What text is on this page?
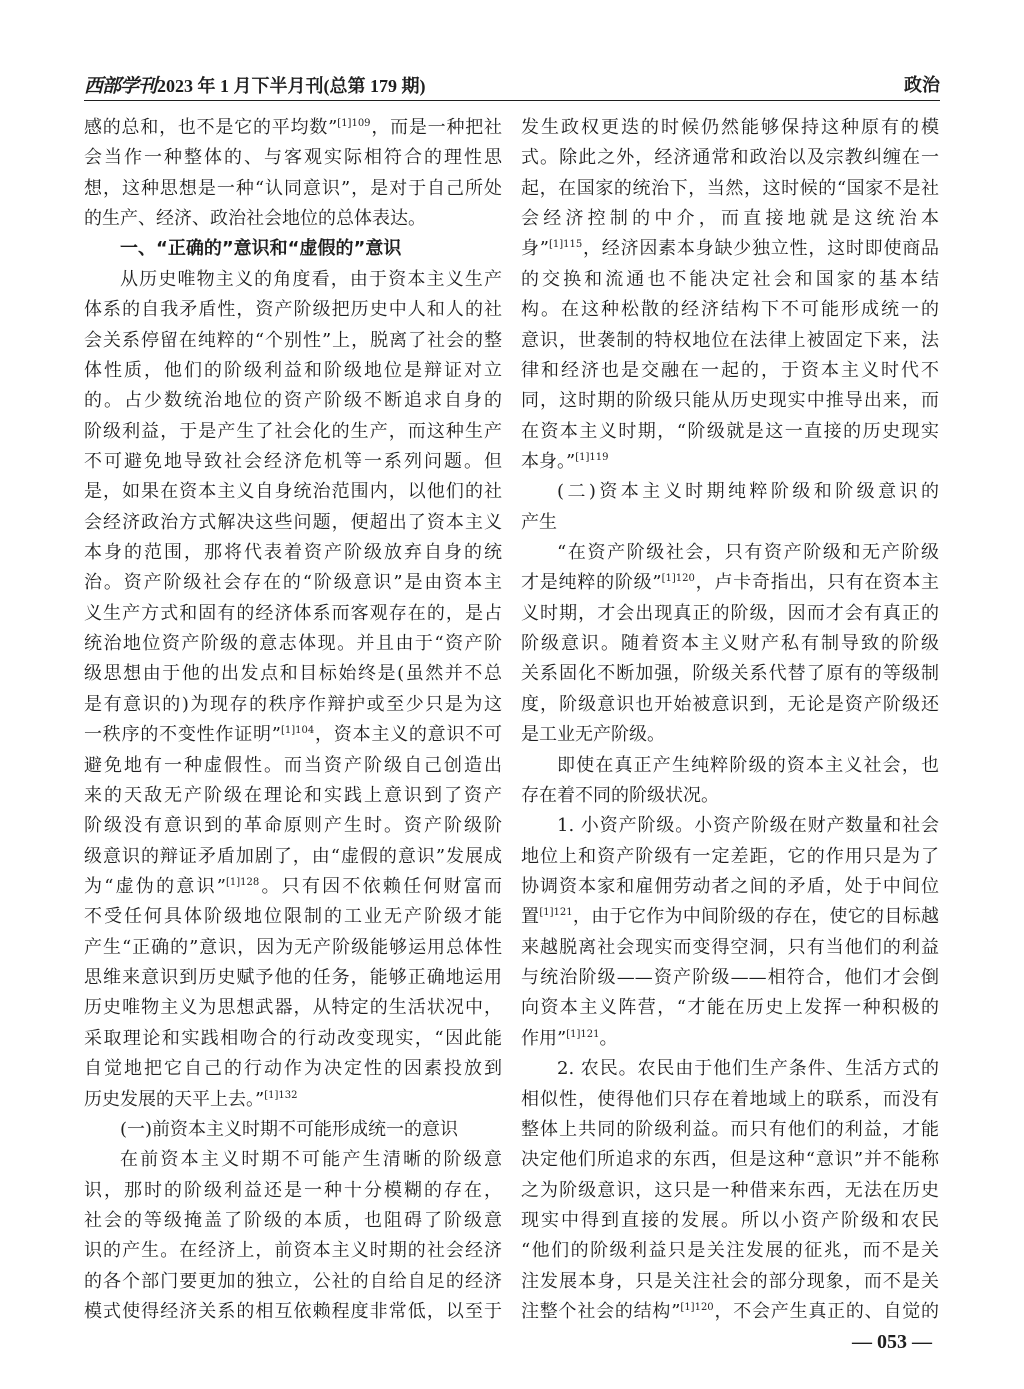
西部学刊 2023 年 1 月下半月刊(总第 179 期)	政治
感的总和，也不是它的平均数”$^{[1]109}$，而是一种把社
会当作一种整体的、与客观实际相符合的理性思
想，这种思想是一种“认同意识”，是对于自己所处
的生产、经济、政治社会地位的总体表达。
一、“正确的”意识和“虚假的”意识
从历史唯物主义的角度看，由于资本主义生产
体系的自我矛盾性，资产阶级把历史中人和人的社
会关系停留在纯粹的“个别性”上，脱离了社会的整
体性质，他们的阶级利益和阶级地位是辩证对立
的。占少数统治地位的资产阶级不断追求自身的
阶级利益，于是产生了社会化的生产，而这种生产
不可避免地导致社会经济危机等一系列问题。但
是，如果在资本主义自身统治范围内，以他们的社
会经济政治方式解决这些问题，便超出了资本主义
本身的范围，那将代表着资产阶级放弃自身的统
治。资产阶级社会存在的“阶级意识”是由资本主
义生产方式和固有的经济体系而客观存在的，是占
统治地位资产阶级的意志体现。并且由于“资产阶
级思想由于他的出发点和目标始终是(虽然并不总
是有意识的)为现存的秩序作辩护或至少只是为这
一秩序的不变性作证明”$^{[1]104}$，资本主义的意识不可
避免地有一种虚假性。而当资产阶级自己创造出
来的天敌无产阶级在理论和实践上意识到了资产
阶级没有意识到的革命原则产生时。资产阶级阶
级意识的辩证矛盾加剧了，由“虚假的意识”发展成
为“虚伪的意识”$^{[1]128}$。只有因不依赖任何财富而
不受任何具体阶级地位限制的工业无产阶级才能
产生“正确的”意识，因为无产阶级能够运用总体性
思维来意识到历史赋予他的任务，能够正确地运用
历史唯物主义为思想武器，从特定的生活状况中，
采取理论和实践相吻合的行动改变现实，“因此能
自觉地把它自己的行动作为决定性的因素投放到
历史发展的天平上去。”$^{[1]132}$
(一)前资本主义时期不可能形成统一的意识
在前资本主义时期不可能产生清晰的阶级意
识，那时的阶级利益还是一种十分模糊的存在，
社会的等级掩盖了阶级的本质，也阻碍了阶级意
识的产生。在经济上，前资本主义时期的社会经济
的各个部门要更加的独立，公社的自给自足的经济
模式使得经济关系的相互依赖程度非常低，以至于
发生政权更迭的时候仍然能够保持这种原有的模
式。除此之外，经济通常和政治以及宗教纠缠在一
起，在国家的统治下，当然，这时候的“国家不是社
会经济控制的中介，而直接地就是这统治本
身”$^{[1]115}$，经济因素本身缺少独立性，这时即使商品
的交换和流通也不能决定社会和国家的基本结
构。在这种松散的经济结构下不可能形成统一的
意识，世袭制的特权地位在法律上被固定下来，法
律和经济也是交融在一起的，于资本主义时代不
同，这时期的阶级只能从历史现实中推导出来，而
在资本主义时期，“阶级就是这一直接的历史现实
本身。”$^{[1]119}$
(二)资本主义时期纯粹阶级和阶级意识的
产生
“在资产阶级社会，只有资产阶级和无产阶级
才是纯粹的阶级”$^{[1]120}$，卢卡奇指出，只有在资本主
义时期，才会出现真正的阶级，因而才会有真正的
阶级意识。随着资本主义财产私有制导致的阶级
关系固化不断加强，阶级关系代替了原有的等级制
度，阶级意识也开始被意识到，无论是资产阶级还
是工业无产阶级。
即使在真正产生纯粹阶级的资本主义社会，也
存在着不同的阶级状况。
1. 小资产阶级。小资产阶级在财产数量和社会
地位上和资产阶级有一定差距，它的作用只是为了
协调资本家和雇佣劳动者之间的矛盾，处于中间位
置$^{[1]121}$，由于它作为中间阶级的存在，使它的目标越
来越脱离社会现实而变得空洞，只有当他们的利益
与统治阶级——资产阶级——相符合，他们才会倒
向资本主义阵营，“才能在历史上发挥一种积极的
作用”$^{[1]121}$。
2. 农民。农民由于他们生产条件、生活方式的
相似性，使得他们只存在着地域上的联系，而没有
整体上共同的阶级利益。而只有他们的利益，才能
决定他们所追求的东西，但是这种“意识”并不能称
之为阶级意识，这只是一种借来东西，无法在历史
现实中得到直接的发展。所以小资产阶级和农民
“他们的阶级利益只是关注发展的征兆，而不是关
注发展本身，只是关注社会的部分现象，而不是关
注整个社会的结构”$^{[1]120}$，不会产生真正的、自觉的
— 053 —
